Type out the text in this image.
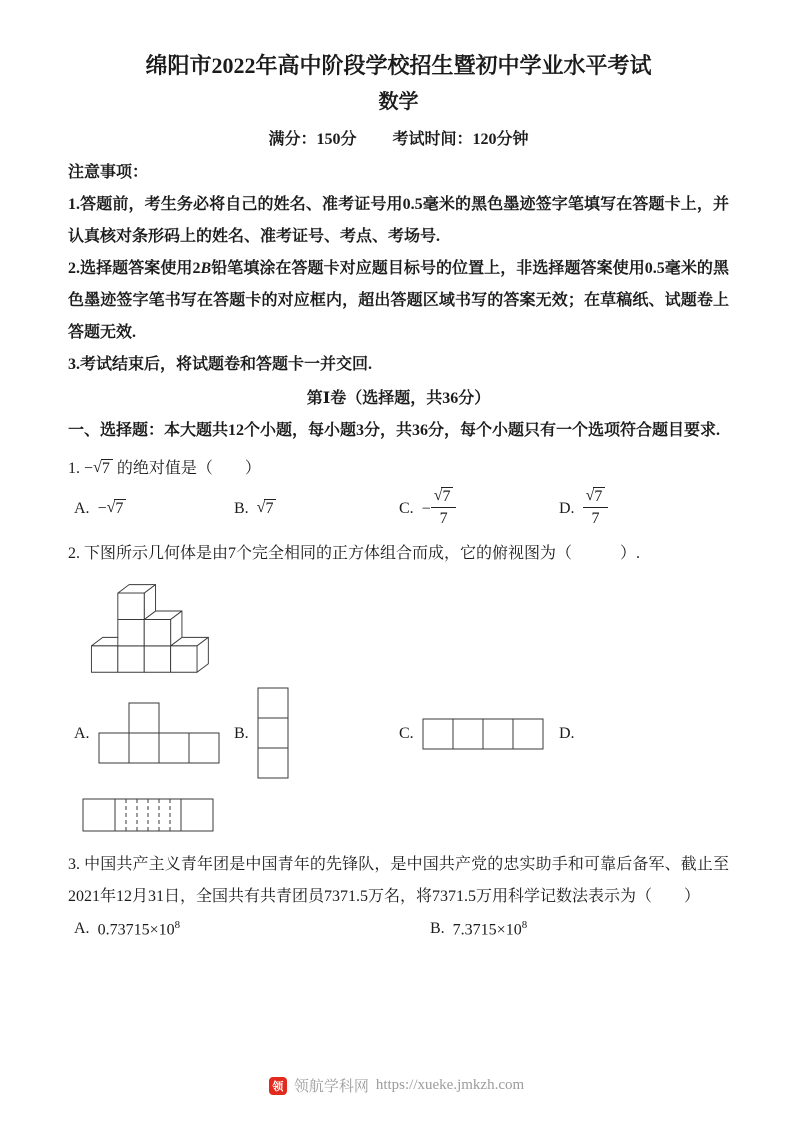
绵阳市2022年高中阶段学校招生暨初中学业水平考试
数学
满分：150分 考试时间：120分钟

注意事项：

1.答题前，考生务必将自己的姓名、准考证号用0.5毫米的黑色墨迹签字笔填写在答题卡上，并认真核对条形码上的姓名、准考证号、考点、考场号.

2.选择题答案使用2B铅笔填涂在答题卡对应题目标号的位置上，非选择题答案使用0.5毫米的黑色墨迹签字笔书写在答题卡的对应框内，超出答题区域书写的答案无效；在草稿纸、试题卷上答题无效.

3.考试结束后，将试题卷和答题卡一并交回.

第Ⅰ卷（选择题，共36分）

一、选择题：本大题共12个小题，每小题3分，共36分，每个小题只有一个选项符合题目要求.

1. −√7 的绝对值是（　　）

A. −√7	B. √7	C. − $\frac{√7}{7}$	D. $\frac{√7}{7}$

2. 下图所示几何体是由7个完全相同的正方体组合而成，它的俯视图为（　　　）.

A.	B.	C.	D.

3. 中国共产主义青年团是中国青年的先锋队，是中国共产党的忠实助手和可靠后备军、截止至2021年12月31日，全国共有共青团员7371.5万名，将7371.5万用科学记数法表示为（　　）

A. $0.73715\times 10^8$	B. $7.3715\times 10^8$
领 领航学科网 https://xueke.jmkzh.com
